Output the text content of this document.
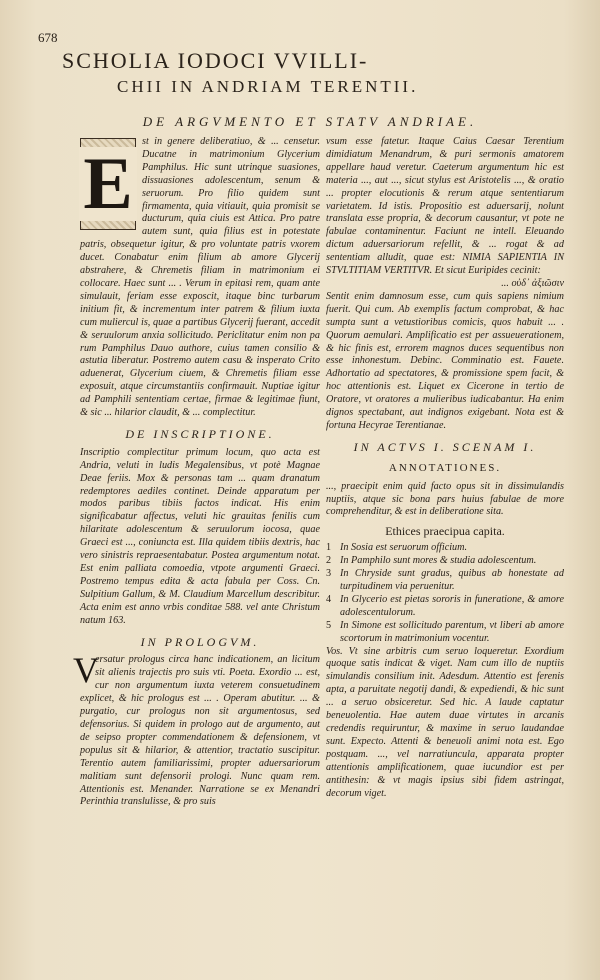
678
SCHOLIA IODOCI VVILLI-
CHII IN ANDRIAM TERENTII.
DE ARGVMENTO ET STATV ANDRIAE.
E

st in genere deliberatiuo, & ... censetur. Ducatne in matrimonium Glycerium Pamphilus. Hic sunt utrinque suasiones, dissuasiones adolescentum, senum & seruorum. Pro filio quidem sunt firmamenta, quia vitiauit, quia promisit se ducturum, quia ciuis est Attica. Pro patre autem sunt, quia filius est in potestate patris, obsequetur igitur, & pro voluntate patris vxorem ducet. Conabatur enim filium ab amore Glycerij abstrahere, & Chremetis filiam in matrimonium ei collocare. Haec sunt ... . Verum in epitasi rem, quam ante simulauit, feriam esse exposcit, itaque binc turbarum initium fit, & incrementum inter patrem & filium iuxta cum muliercul is, quae a partibus Glycerij fuerant, accedit & seruulorum anxia sollicitudo. Periclitatur enim non pa rum Pamphilus Dauo authore, cuius tamen consilio & astutia liberatur. Postremo autem casu & insperato Crito aduenerat, Glycerium ciuem, & Chremetis filiam esse exposuit, atque circumstantiis confirmauit. Nuptiae igitur ad Pamphili sententiam certae, firmae & legitimae fiunt, & sic ... hilarior claudit, & ... complectitur.

DE INSCRIPTIONE.

Inscriptio complectitur primum locum, quo acta est Andria, veluti in ludis Megalensibus, vt potè Magnae Deae feriis. Mox & personas tam ... quam dranatum redemptores aediles continet. Deinde apparatum per modos paribus tibiis factos indicat. His enim significabatur affectus, veluti hic grauitas fenilis cum hilaritate adolescentum & seruulorum iocosa, quae Graeci est ..., coniuncta est. Illa quidem tibiis dextris, hac vero sinistris repraesentabatur. Postea argumentum notat. Est enim palliata comoedia, vtpote argumenti Graeci. Postremo tempus edita & acta fabula per Coss. Cn. Sulpitium Gallum, & M. Claudium Marcellum describitur. Acta enim est anno vrbis conditae 588. vel ante Christum natum 163.

IN PROLOGVM.
V

ersatur prologus circa hanc indicationem, an licitum sit alienis trajectis pro suis vti. Poeta. Exordio ... est, cur non argumentum iuxta veterem consuetudinem explicet, & hic prologus est ... . Operam abutitur. ... & purgatio, cur prologus non sit argumentosus, sed defensorius. Si quidem in prologo aut de argumento, aut de seipso propter commendationem & defensionem, vt populus sit & hilarior, & attentior, tractatio suscipitur. Terentio autem familiarissimi, propter aduersariorum malitiam sunt defensorii prologi. Nunc quam rem. Attentionis est. Menander. Narratione se ex Menandri Perinthia translulisse, & pro suis

vsum esse fatetur. Itaque Caius Caesar Terentium dimidiatum Menandrum, & puri sermonis amatorem appellare haud veretur. Caeterum argumentum hic est materia ..., aut ..., sicut stylus est Aristotelis ..., & oratio ... propter elocutionis & rerum atque sententiarum varietatem. Id istis. Propositio est aduersarij, nolunt translata esse propria, & decorum causantur, vt pote ne fabulae contaminentur. Faciunt ne intell. Eleuando dictum aduersariorum refellit, & ... rogat & ad sententiam alludit, quae est: NIMIA SAPIENTIA IN STVLTITIAM VERTITVR. Et sicut Euripides cecinit:

... οὐδ᾽ ἀξιῶσιν

Sentit enim damnosum esse, cum quis sapiens nimium fuerit. Qui cum. Ab exemplis factum comprobat, & hac sumpta sunt a vetustioribus comicis, quos habuit ... . Quorum aemulari. Amplificatio est per assueuerationem, & hic finis est, errorem magnos duces sequentibus non esse inhonestum. Debinc. Comminatio est. Fauete. Adhortatio ad spectatores, & promissione spem facit, & hoc attentionis est. Liquet ex Cicerone in tertio de Oratore, vt oratores a mulieribus iudicabantur. Ha enim dignos spectabant, aut indignos exigebant. Nota est & fortuna Hecyrae Terentianae.

IN ACTVS I. SCENAM I.
ANNOTATIONES.

..., praecipit enim quid facto opus sit in dissimulandis nuptiis, atque sic bona pars huius fabulae de more comprehenditur, & est in deliberatione sita.

Ethices praecipua capita.
1 In Sosia est seruorum officium.
2 In Pamphilo sunt mores & studia adolescentum.
3 In Chryside sunt gradus, quibus ab honestate ad turpitudinem via peruenitur.
4 In Glycerio est pietas sororis in funeratione, & amore adolescentulorum.
5 In Simone est sollicitudo parentum, vt liberi ab amore scortorum in matrimonium vocentur.

Vos. Vt sine arbitris cum seruo loqueretur. Exordium quoque satis indicat & viget. Nam cum illo de nuptiis simulandis consilium init. Adesdum. Attentio est ferenis apta, a paruitate negotij dandi, & expediendi, & hic sunt ... a seruo obsiceretur. Sed hic. A laude captatur beneuolentia. Hae autem duae virtutes in arcanis credendis requiruntur, & maxime in seruo laudandae sunt. Expecto. Attenti & beneuoli animi nota est. Ego postquam. ..., vel narratiuncula, apparata propter attentionis amplificationem, quae iucundior est per antithesin: & vt magis ipsius sibi fidem astringat, decorum viget.
